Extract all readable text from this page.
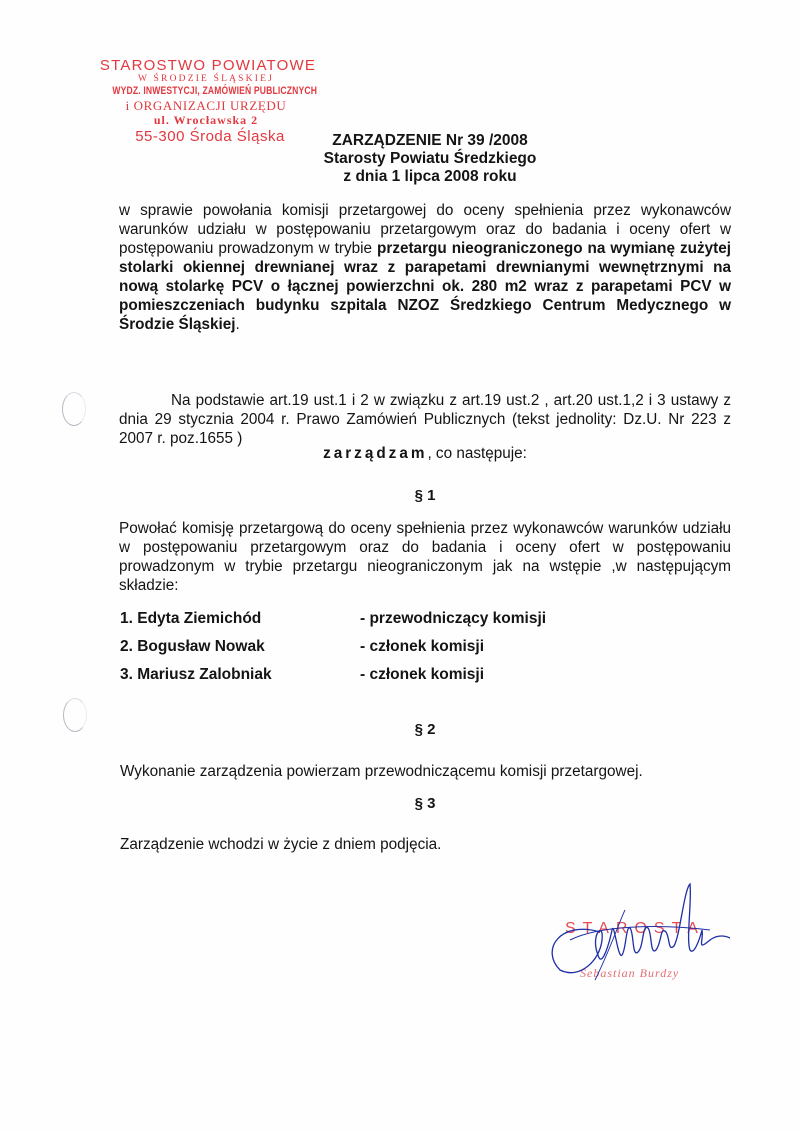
STAROSTWO POWIATOWE
W ŚRODZIE ŚLĄSKIEJ
WYDZ. INWESTYCJI, ZAMÓWIEŃ PUBLICZNYCH
i ORGANIZACJI URZĘDU
ul. Wrocławska 2
55-300 Środa Śląska	ZARZĄDZENIE Nr 39 /2008
Starosty Powiatu Średzkiego
z dnia 1 lipca 2008 roku
w sprawie powołania komisji przetargowej do oceny spełnienia przez wykonawców warunków udziału w postępowaniu przetargowym oraz do badania i oceny ofert w postępowaniu prowadzonym w trybie przetargu nieograniczonego na wymianę zużytej stolarki okiennej drewnianej wraz z parapetami drewnianymi wewnętrznymi na nową stolarkę PCV o łącznej powierzchni ok. 280 m2 wraz z parapetami PCV w pomieszczeniach budynku szpitala NZOZ Średzkiego Centrum Medycznego w Środzie Śląskiej.
Na podstawie art.19 ust.1 i 2 w związku z art.19 ust.2 , art.20 ust.1,2 i 3 ustawy z dnia 29 stycznia 2004 r. Prawo Zamówień Publicznych (tekst jednolity: Dz.U. Nr 223 z 2007 r. poz.1655 )
zarządzam, co następuje:
§ 1
Powołać komisję przetargową do oceny spełnienia przez wykonawców warunków udziału w postępowaniu przetargowym oraz do badania i oceny ofert w postępowaniu prowadzonym w trybie przetargu nieograniczonym jak na wstępie ,w następującym składzie:
1. Edyta Ziemichód	- przewodniczący komisji
2. Bogusław Nowak	- członek komisji
3. Mariusz Zalobniak	- członek komisji
§ 2
Wykonanie zarządzenia powierzam przewodniczącemu komisji przetargowej.
§ 3
Zarządzenie wchodzi w życie z dniem podjęcia.
STAROSTA
Sebastian Burdzy
